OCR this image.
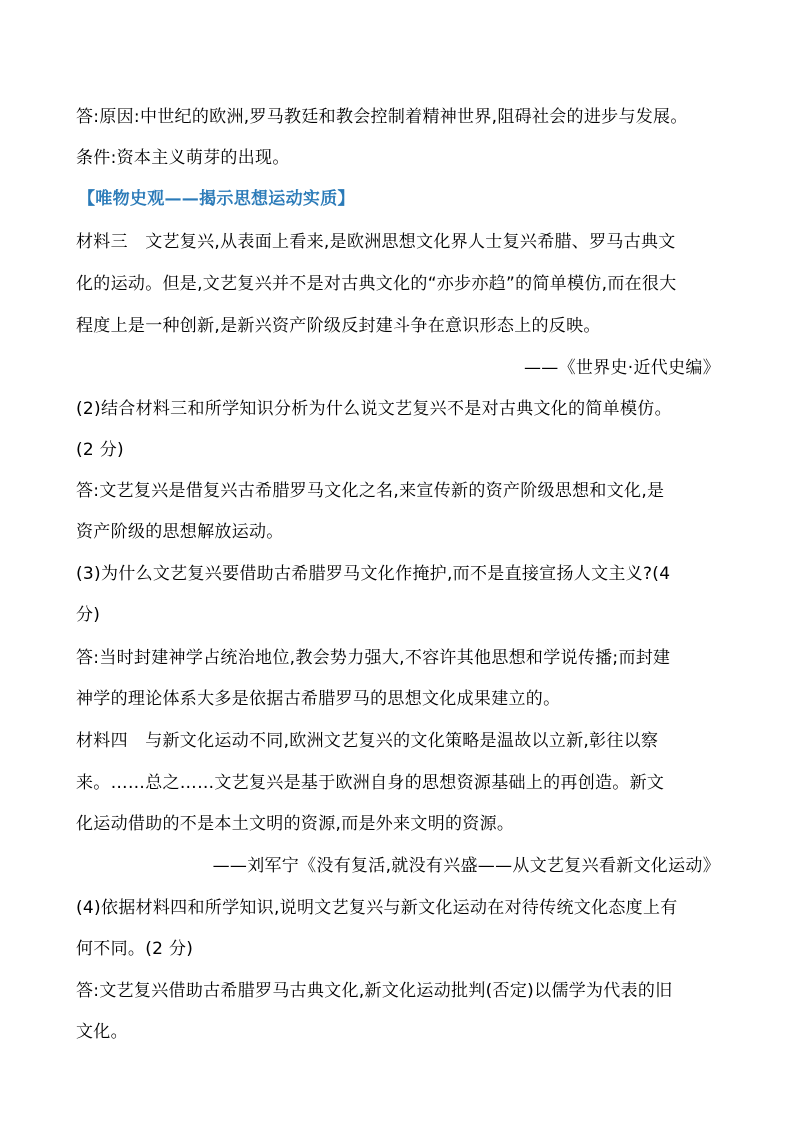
答:原因:中世纪的欧洲,罗马教廷和教会控制着精神世界,阻碍社会的进步与发展。
条件:资本主义萌芽的出现。
【唯物史观——揭示思想运动实质】
材料三　文艺复兴,从表面上看来,是欧洲思想文化界人士复兴希腊、罗马古典文
化的运动。但是,文艺复兴并不是对古典文化的“亦步亦趋”的简单模仿,而在很大
程度上是一种创新,是新兴资产阶级反封建斗争在意识形态上的反映。
——《世界史·近代史编》
(2)结合材料三和所学知识分析为什么说文艺复兴不是对古典文化的简单模仿。
(2 分)
答:文艺复兴是借复兴古希腊罗马文化之名,来宣传新的资产阶级思想和文化,是
资产阶级的思想解放运动。
(3)为什么文艺复兴要借助古希腊罗马文化作掩护,而不是直接宣扬人文主义?(4
分)
答:当时封建神学占统治地位,教会势力强大,不容许其他思想和学说传播;而封建
神学的理论体系大多是依据古希腊罗马的思想文化成果建立的。
材料四　与新文化运动不同,欧洲文艺复兴的文化策略是温故以立新,彰往以察
来。……总之……文艺复兴是基于欧洲自身的思想资源基础上的再创造。新文
化运动借助的不是本土文明的资源,而是外来文明的资源。
——刘军宁《没有复活,就没有兴盛——从文艺复兴看新文化运动》
(4)依据材料四和所学知识,说明文艺复兴与新文化运动在对待传统文化态度上有
何不同。(2 分)
答:文艺复兴借助古希腊罗马古典文化,新文化运动批判(否定)以儒学为代表的旧
文化。
